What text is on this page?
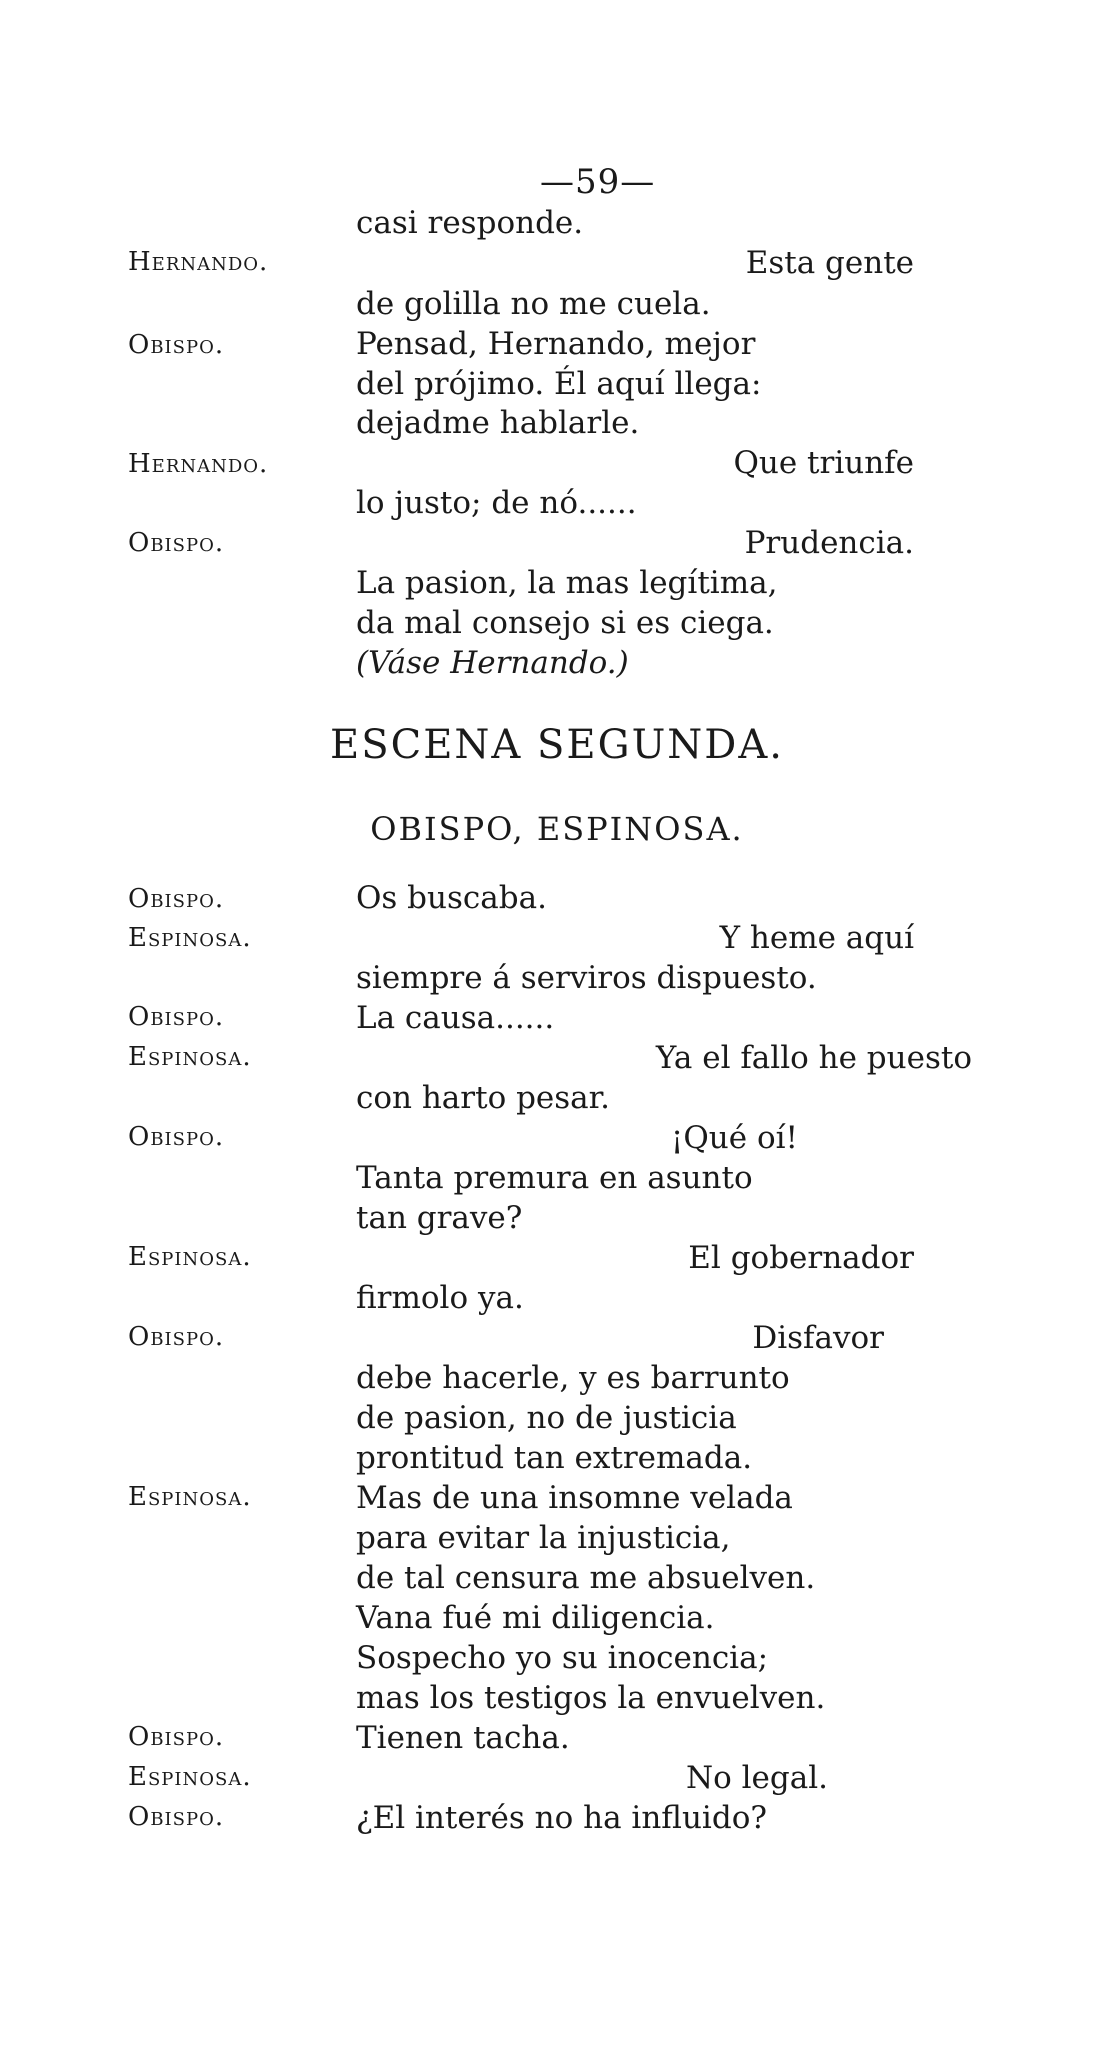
—59—
Hernando.
Obispo.
Hernando.
Obispo.
Obispo.
Espinosa.
Obispo.
Espinosa.
Obispo.
Espinosa.
Obispo.
Espinosa.
Obispo.
Espinosa.
Obispo.
casi responde.
Esta gente
de golilla no me cuela.
Pensad, Hernando, mejor
del prójimo. Él aquí llega:
dejadme hablarle.
Que triunfe
lo justo; de nó......
Prudencia.
La pasion, la mas legítima,
da mal consejo si es ciega.
(Váse Hernando.)
ESCENA SEGUNDA.
OBISPO, ESPINOSA.
Os buscaba.
Y heme aquí
siempre á serviros dispuesto.
La causa......
Ya el fallo he puesto
con harto pesar.
¡Qué oí!
Tanta premura en asunto
tan grave?
El gobernador
firmolo ya.
Disfavor
debe hacerle, y es barrunto
de pasion, no de justicia
prontitud tan extremada.
Mas de una insomne velada
para evitar la injusticia,
de tal censura me absuelven.
Vana fué mi diligencia.
Sospecho yo su inocencia;
mas los testigos la envuelven.
Tienen tacha.
No legal.
¿El interés no ha influido?
